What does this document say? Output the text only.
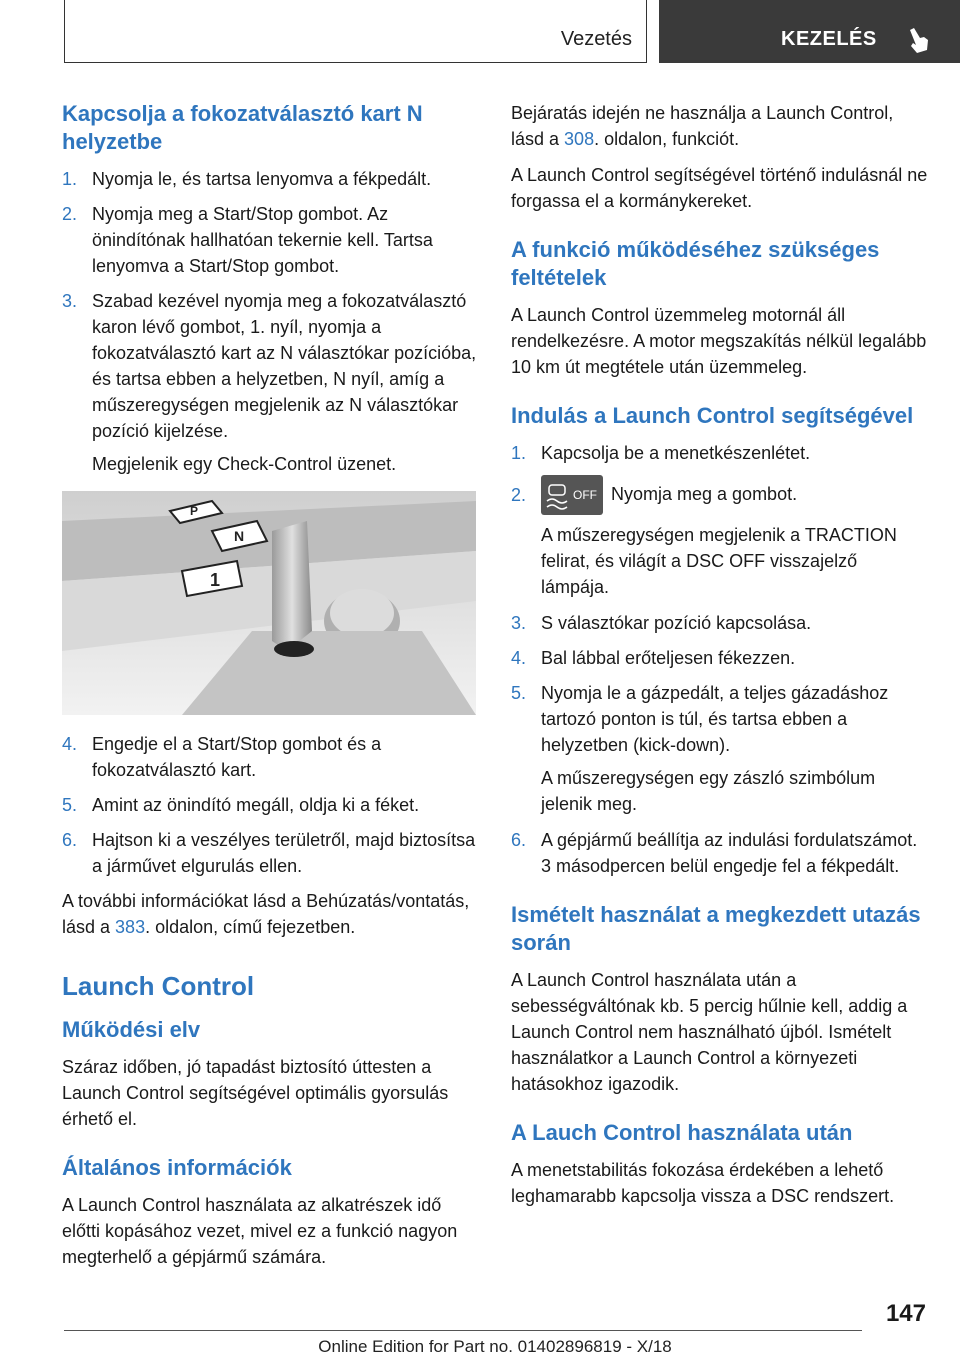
Vezetés	KEZELÉS
Kapcsolja a fokozatválasztó kart N helyzetbe
1. Nyomja le, és tartsa lenyomva a fékpedált.
2. Nyomja meg a Start/Stop gombot. Az önindítónak hallhatóan tekernie kell. Tartsa lenyomva a Start/Stop gombot.
3. Szabad kezével nyomja meg a fokozatválasztó karon lévő gombot, 1. nyíl, nyomja a fokozatválasztó kart az N választókar pozícióba, és tartsa ebben a helyzetben, N nyíl, amíg a műszeregységen megjelenik az N választókar pozíció kijelzése.
Megjelenik egy Check-Control üzenet.
P
N
1
4. Engedje el a Start/Stop gombot és a fokozatválasztó kart.
5. Amint az önindító megáll, oldja ki a féket.
6. Hajtson ki a veszélyes területről, majd biztosítsa a járművet elgurulás ellen.
A további információkat lásd a Behúzatás/vontatás, lásd a 383. oldalon, című fejezetben.
Launch Control
Működési elv
Száraz időben, jó tapadást biztosító úttesten a Launch Control segítségével optimális gyorsulás érhető el.
Általános információk
A Launch Control használata az alkatrészek idő előtti kopásához vezet, mivel ez a funkció nagyon megterhelő a gépjármű számára.
Bejáratás idején ne használja a Launch Control, lásd a 308. oldalon, funkciót.
A Launch Control segítségével történő indulásnál ne forgassa el a kormánykereket.
A funkció működéséhez szükséges feltételek
A Launch Control üzemmeleg motornál áll rendelkezésre. A motor megszakítás nélkül legalább 10 km út megtétele után üzemmeleg.
Indulás a Launch Control segítségével
1. Kapcsolja be a menetkészenlétet.
2.	OFF Nyomja meg a gombot.
A műszeregységen megjelenik a TRACTION felirat, és világít a DSC OFF visszajelző lámpája.
3. S választókar pozíció kapcsolása.
4. Bal lábbal erőteljesen fékezzen.
5. Nyomja le a gázpedált, a teljes gázadáshoz tartozó ponton is túl, és tartsa ebben a helyzetben (kick-down).
A műszeregységen egy zászló szimbólum jelenik meg.
6. A gépjármű beállítja az indulási fordulatszámot. 3 másodpercen belül engedje fel a fékpedált.
Ismételt használat a megkezdett utazás során
A Launch Control használata után a sebességváltónak kb. 5 percig hűlnie kell, addig a Launch Control nem használható újból. Ismételt használatkor a Launch Control a környezeti hatásokhoz igazodik.
A Lauch Control használata után
A menetstabilitás fokozása érdekében a lehető leghamarabb kapcsolja vissza a DSC rendszert.
147
Online Edition for Part no. 01402896819 - X/18
